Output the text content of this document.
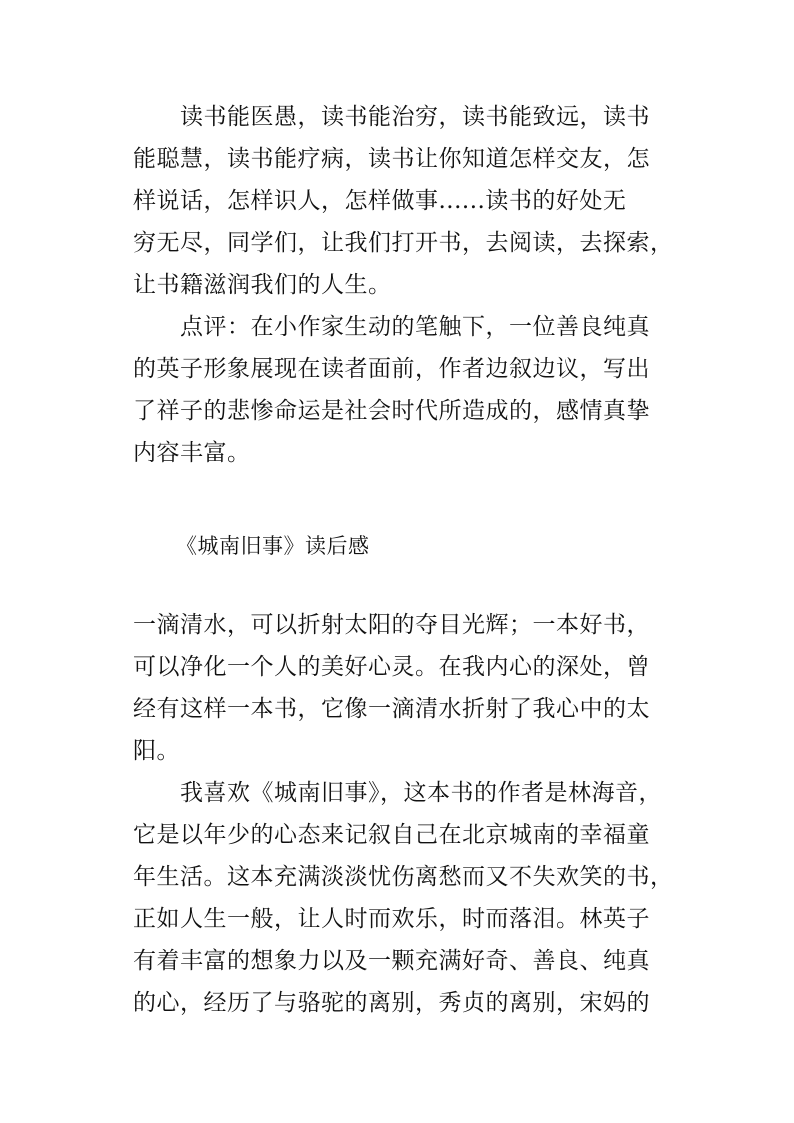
读书能医愚，读书能治穷，读书能致远，读书
能聪慧，读书能疗病，读书让你知道怎样交友，怎
样说话，怎样识人，怎样做事......读书的好处无
穷无尽，同学们，让我们打开书，去阅读，去探索，
让书籍滋润我们的人生。
点评：在小作家生动的笔触下，一位善良纯真
的英子形象展现在读者面前，作者边叙边议，写出
了祥子的悲惨命运是社会时代所造成的，感情真挚
内容丰富。
《城南旧事》读后感
一滴清水，可以折射太阳的夺目光辉；一本好书，
可以净化一个人的美好心灵。在我内心的深处，曾
经有这样一本书，它像一滴清水折射了我心中的太
阳。
我喜欢《城南旧事》，这本书的作者是林海音，
它是以年少的心态来记叙自己在北京城南的幸福童
年生活。这本充满淡淡忧伤离愁而又不失欢笑的书，
正如人生一般，让人时而欢乐，时而落泪。林英子
有着丰富的想象力以及一颗充满好奇、善良、纯真
的心，经历了与骆驼的离别，秀贞的离别，宋妈的
